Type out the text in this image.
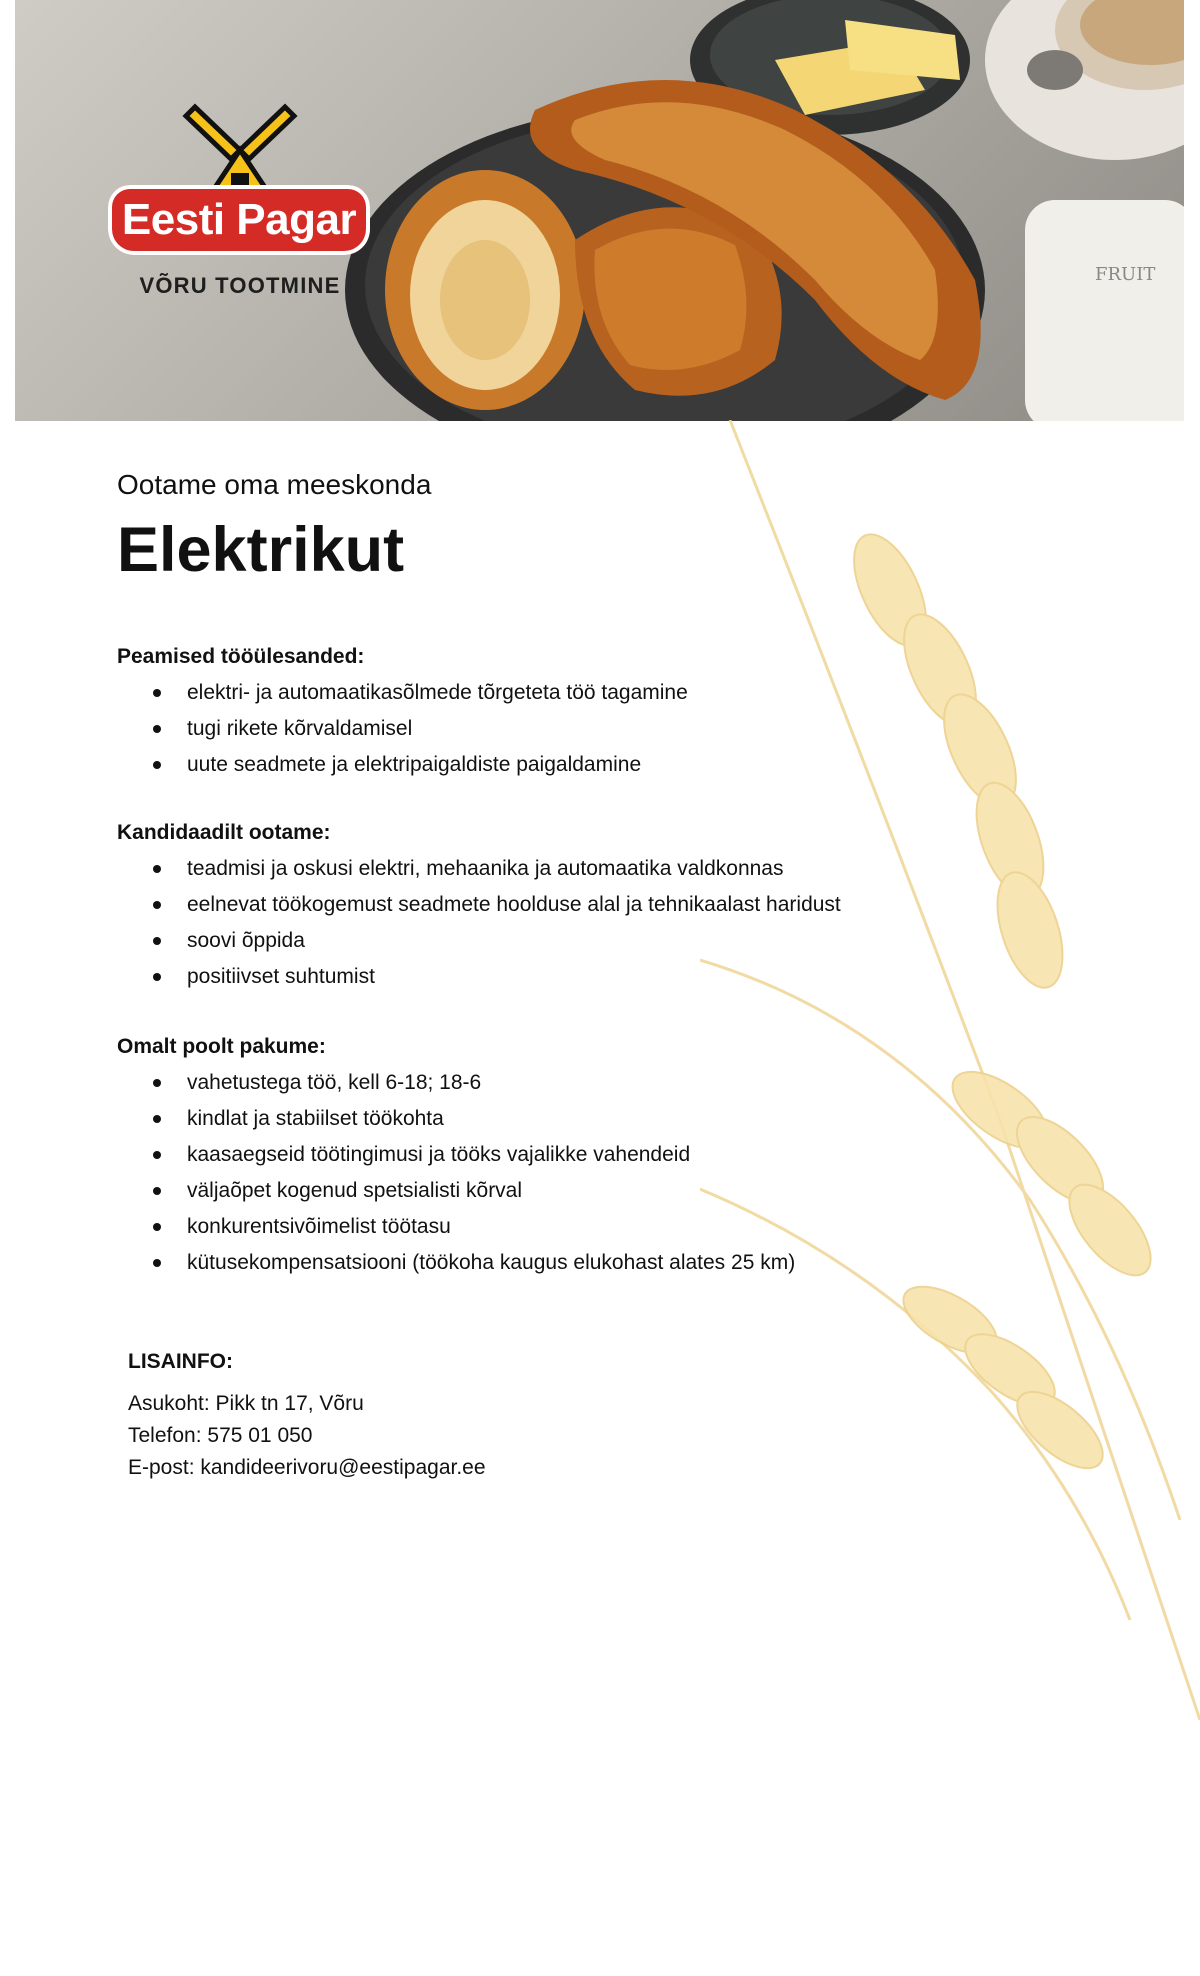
FRUIT
Eesti Pagar
VÕRU TOOTMINE

Ootame oma meeskonda

Elektrikut

Peamised tööülesanded:

elektri- ja automaatikasõlmede tõrgeteta töö tagamine
tugi rikete kõrvaldamisel
uute seadmete ja elektripaigaldiste paigaldamine

Kandidaadilt ootame:

teadmisi ja oskusi elektri, mehaanika ja automaatika valdkonnas
eelnevat töökogemust seadmete hoolduse alal ja tehnikaalast haridust
soovi õppida
positiivset suhtumist

Omalt poolt pakume:

vahetustega töö, kell 6-18; 18-6
kindlat ja stabiilset töökohta
kaasaegseid töötingimusi ja tööks vajalikke vahendeid
väljaõpet kogenud spetsialisti kõrval
konkurentsivõimelist töötasu
kütusekompensatsiooni (töökoha kaugus elukohast alates 25 km)
LISAINFO:
Asukoht: Pikk tn 17, Võru
Telefon: 575 01 050
E-post: kandideerivoru@eestipagar.ee
